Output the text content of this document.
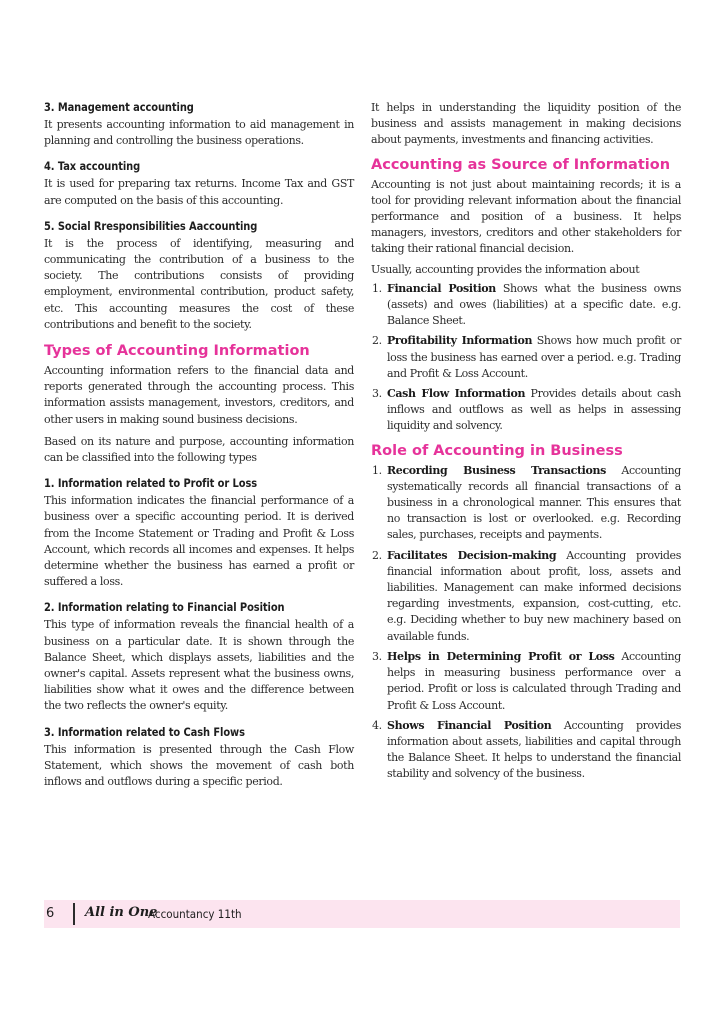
3. Management accounting

It presents accounting information to aid management in planning and controlling the business operations.

4. Tax accounting

It is used for preparing tax returns. Income Tax and GST are computed on the basis of this accounting.

5. Social Rresponsibilities Aaccounting

It is the process of identifying, measuring and communicating the contribution of a business to the society. The contributions consists of providing employment, environmental contribution, product safety, etc. This accounting measures the cost of these contributions and benefit to the society.

Types of Accounting Information

Accounting information refers to the financial data and reports generated through the accounting process. This information assists management, investors, creditors, and other users in making sound business decisions.

Based on its nature and purpose, accounting information can be classified into the following types

1. Information related to Profit or Loss

This information indicates the financial performance of a business over a specific accounting period. It is derived from the Income Statement or Trading and Profit & Loss Account, which records all incomes and expenses. It helps determine whether the business has earned a profit or suffered a loss.

2. Information relating to Financial Position

This type of information reveals the financial health of a business on a particular date. It is shown through the Balance Sheet, which displays assets, liabilities and the owner's capital. Assets represent what the business owns, liabilities show what it owes and the difference between the two reflects the owner's equity.

3. Information related to Cash Flows

This information is presented through the Cash Flow Statement, which shows the movement of cash both inflows and outflows during a specific period.

It helps in understanding the liquidity position of the business and assists management in making decisions about payments, investments and financing activities.

Accounting as Source of Information

Accounting is not just about maintaining records; it is a tool for providing relevant information about the financial performance and position of a business. It helps managers, investors, creditors and other stakeholders for taking their rational financial decision.

Usually, accounting provides the information about

1. Financial Position Shows what the business owns (assets) and owes (liabilities) at a specific date. e.g. Balance Sheet.
2. Profitability Information Shows how much profit or loss the business has earned over a period. e.g. Trading and Profit & Loss Account.
3. Cash Flow Information Provides details about cash inflows and outflows as well as helps in assessing liquidity and solvency.
Role of Accounting in Business
1. Recording Business Transactions Accounting systematically records all financial transactions of a business in a chronological manner. This ensures that no transaction is lost or overlooked. e.g. Recording sales, purchases, receipts and payments.
2. Facilitates Decision-making Accounting provides financial information about profit, loss, assets and liabilities. Management can make informed decisions regarding investments, expansion, cost-cutting, etc. e.g. Deciding whether to buy new machinery based on available funds.
3. Helps in Determining Profit or Loss Accounting helps in measuring business performance over a period. Profit or loss is calculated through Trading and Profit & Loss Account.
4. Shows Financial Position Accounting provides information about assets, liabilities and capital through the Balance Sheet. It helps to understand the financial stability and solvency of the business.
6 All in One
Accountancy 11th
